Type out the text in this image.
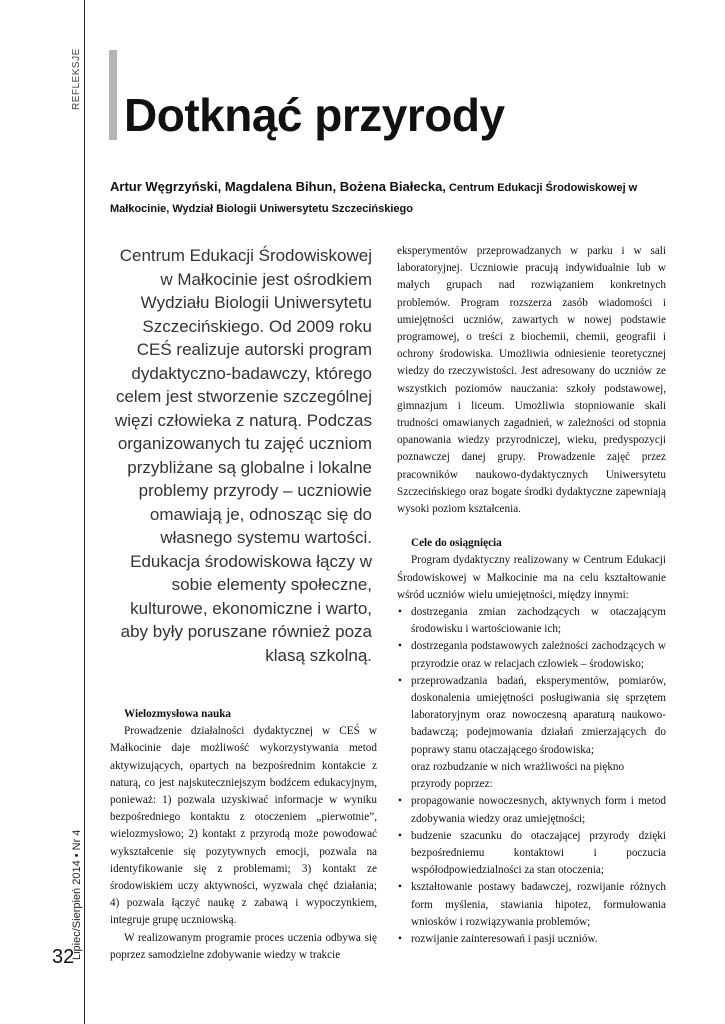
REFLEKSJE
Lipiec/Sierpień 2014 • Nr 4
32
Dotknąć przyrody
Artur Węgrzyński, Magdalena Bihun, Bożena Białecka, Centrum Edukacji Środowiskowej w Małkocinie, Wydział Biologii Uniwersytetu Szczecińskiego
Centrum Edukacji Środowiskowej w Małkocinie jest ośrodkiem Wydziału Biologii Uniwersytetu Szczecińskiego. Od 2009 roku CEŚ realizuje autorski program dydaktyczno-badawczy, którego celem jest stworzenie szczególnej więzi człowieka z naturą. Podczas organizowanych tu zajęć uczniom przybliżane są globalne i lokalne problemy przyrody – uczniowie omawiają je, odnosząc się do własnego systemu wartości. Edukacja środowiskowa łączy w sobie elementy społeczne, kulturowe, ekonomiczne i warto, aby były poruszane również poza klasą szkolną.
Wielozmysłowa nauka

Prowadzenie działalności dydaktycznej w CEŚ w Małkocinie daje możliwość wykorzystywania metod aktywizujących, opartych na bezpośrednim kontakcie z naturą, co jest najskuteczniejszym bodźcem edukacyjnym, ponieważ: 1) pozwala uzyskiwać informacje w wyniku bezpośredniego kontaktu z otoczeniem „pierwotnie”, wielozmysłowo; 2) kontakt z przyrodą może powodować wykształcenie się pozytywnych emocji, pozwala na identyfikowanie się z problemami; 3) kontakt ze środowiskiem uczy aktywności, wyzwala chęć działania; 4) pozwala łączyć naukę z zabawą i wypoczynkiem, integruje grupę uczniowską.

W realizowanym programie proces uczenia odbywa się poprzez samodzielne zdobywanie wiedzy w trakcie

eksperymentów przeprowadzanych w parku i w sali laboratoryjnej. Uczniowie pracują indywidualnie lub w małych grupach nad rozwiązaniem konkretnych problemów. Program rozszerza zasób wiadomości i umiejętności uczniów, zawartych w nowej podstawie programowej, o treści z biochemii, chemii, geografii i ochrony środowiska. Umożliwia odniesienie teoretycznej wiedzy do rzeczywistości. Jest adresowany do uczniów ze wszystkich poziomów nauczania: szkoły podstawowej, gimnazjum i liceum. Umożliwia stopniowanie skali trudności omawianych zagadnień, w zależności od stopnia opanowania wiedzy przyrodniczej, wieku, predyspozycji poznawczej danej grupy. Prowadzenie zajęć przez pracowników naukowo-dydaktycznych Uniwersytetu Szczecińskiego oraz bogate środki dydaktyczne zapewniają wysoki poziom kształcenia.

Cele do osiągnięcia

Program dydaktyczny realizowany w Centrum Edukacji Środowiskowej w Małkocinie ma na celu kształtowanie wśród uczniów wielu umiejętności, między innymi:

• dostrzegania zmian zachodzących w otaczającym środowisku i wartościowanie ich;
• dostrzegania podstawowych zależności zachodzących w przyrodzie oraz w relacjach człowiek – środowisko;
• przeprowadzania badań, eksperymentów, pomiarów, doskonalenia umiejętności posługiwania się sprzętem laboratoryjnym oraz nowoczesną aparaturą naukowo-badawczą; podejmowania działań zmierzających do poprawy stanu otaczającego środowiska;

oraz rozbudzanie w nich wrażliwości na piękno przyrody poprzez:

• propagowanie nowoczesnych, aktywnych form i metod zdobywania wiedzy oraz umiejętności;
• budzenie szacunku do otaczającej przyrody dzięki bezpośredniemu kontaktowi i poczucia współodpowiedzialności za stan otoczenia;
• kształtowanie postawy badawczej, rozwijanie różnych form myślenia, stawiania hipotez, formułowania wniosków i rozwiązywania problemów;
• rozwijanie zainteresowań i pasji uczniów.
